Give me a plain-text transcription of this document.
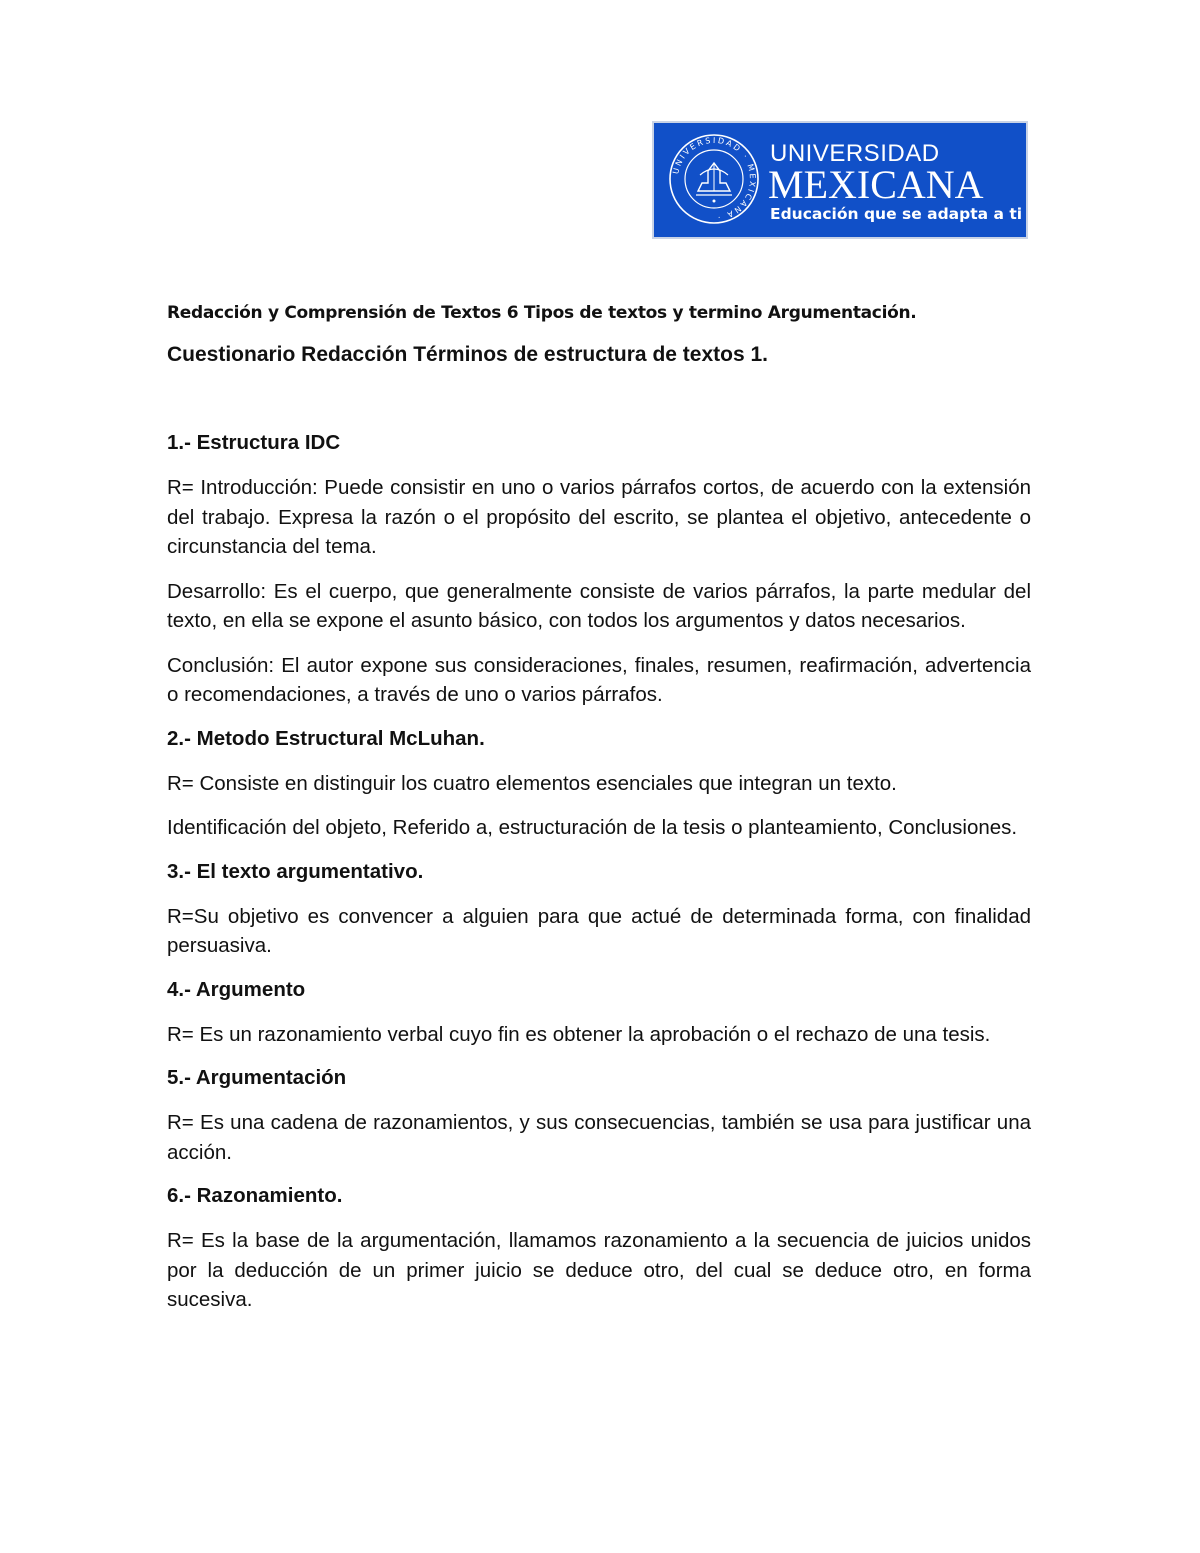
UNIVERSIDAD · MEXICANA ·
UNIVERSIDAD
MEXICANA
Educación que se adapta a ti

Redacción y Comprensión de Textos 6 Tipos de textos y termino Argumentación.

Cuestionario Redacción Términos de estructura de textos 1.

1.- Estructura IDC

R= Introducción: Puede consistir en uno o varios párrafos cortos, de acuerdo con la extensión del trabajo. Expresa la razón o el propósito del escrito, se plantea el objetivo, antecedente o circunstancia del tema.

Desarrollo: Es el cuerpo, que generalmente consiste de varios párrafos, la parte medular del texto, en ella se expone el asunto básico, con todos los argumentos y datos necesarios.

Conclusión: El autor expone sus consideraciones, finales, resumen, reafirmación, advertencia o recomendaciones, a través de uno o varios párrafos.

2.- Metodo Estructural McLuhan.

R= Consiste en distinguir los cuatro elementos esenciales que integran un texto.

Identificación del objeto, Referido a, estructuración de la tesis o planteamiento, Conclusiones.

3.- El texto argumentativo.

R=Su objetivo es convencer a alguien para que actué de determinada forma, con finalidad persuasiva.

4.- Argumento

R= Es un razonamiento verbal cuyo fin es obtener la aprobación o el rechazo de una tesis.

5.- Argumentación

R= Es una cadena de razonamientos, y sus consecuencias, también se usa para justificar una acción.

6.- Razonamiento.

R= Es la base de la argumentación, llamamos razonamiento a la secuencia de juicios unidos por la deducción de un primer juicio se deduce otro, del cual se deduce otro, en forma sucesiva.
